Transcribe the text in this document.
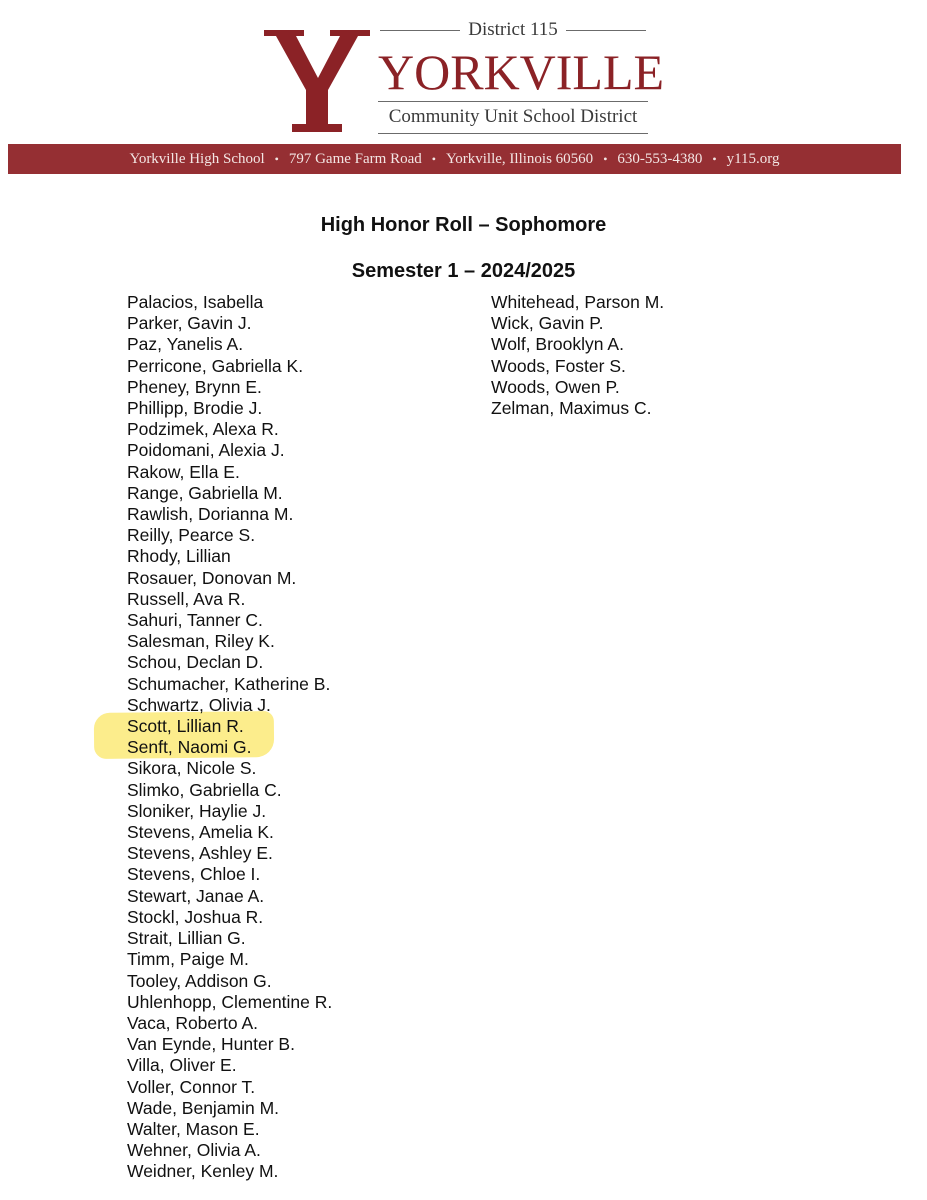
District 115
YORKVILLE
Community Unit School District
Yorkville High School • 797 Game Farm Road • Yorkville, Illinois 60560 • 630-553-4380 • y115.org
High Honor Roll – Sophomore
Semester 1 – 2024/2025
Palacios, Isabella
Parker, Gavin J.
Paz, Yanelis A.
Perricone, Gabriella K.
Pheney, Brynn E.
Phillipp, Brodie J.
Podzimek, Alexa R.
Poidomani, Alexia J.
Rakow, Ella E.
Range, Gabriella M.
Rawlish, Dorianna M.
Reilly, Pearce S.
Rhody, Lillian
Rosauer, Donovan M.
Russell, Ava R.
Sahuri, Tanner C.
Salesman, Riley K.
Schou, Declan D.
Schumacher, Katherine B.
Schwartz, Olivia J.
Scott, Lillian R.
Senft, Naomi G.
Sikora, Nicole S.
Slimko, Gabriella C.
Sloniker, Haylie J.
Stevens, Amelia K.
Stevens, Ashley E.
Stevens, Chloe I.
Stewart, Janae A.
Stockl, Joshua R.
Strait, Lillian G.
Timm, Paige M.
Tooley, Addison G.
Uhlenhopp, Clementine R.
Vaca, Roberto A.
Van Eynde, Hunter B.
Villa, Oliver E.
Voller, Connor T.
Wade, Benjamin M.
Walter, Mason E.
Wehner, Olivia A.
Weidner, Kenley M.
Whitehead, Parson M.
Wick, Gavin P.
Wolf, Brooklyn A.
Woods, Foster S.
Woods, Owen P.
Zelman, Maximus C.
